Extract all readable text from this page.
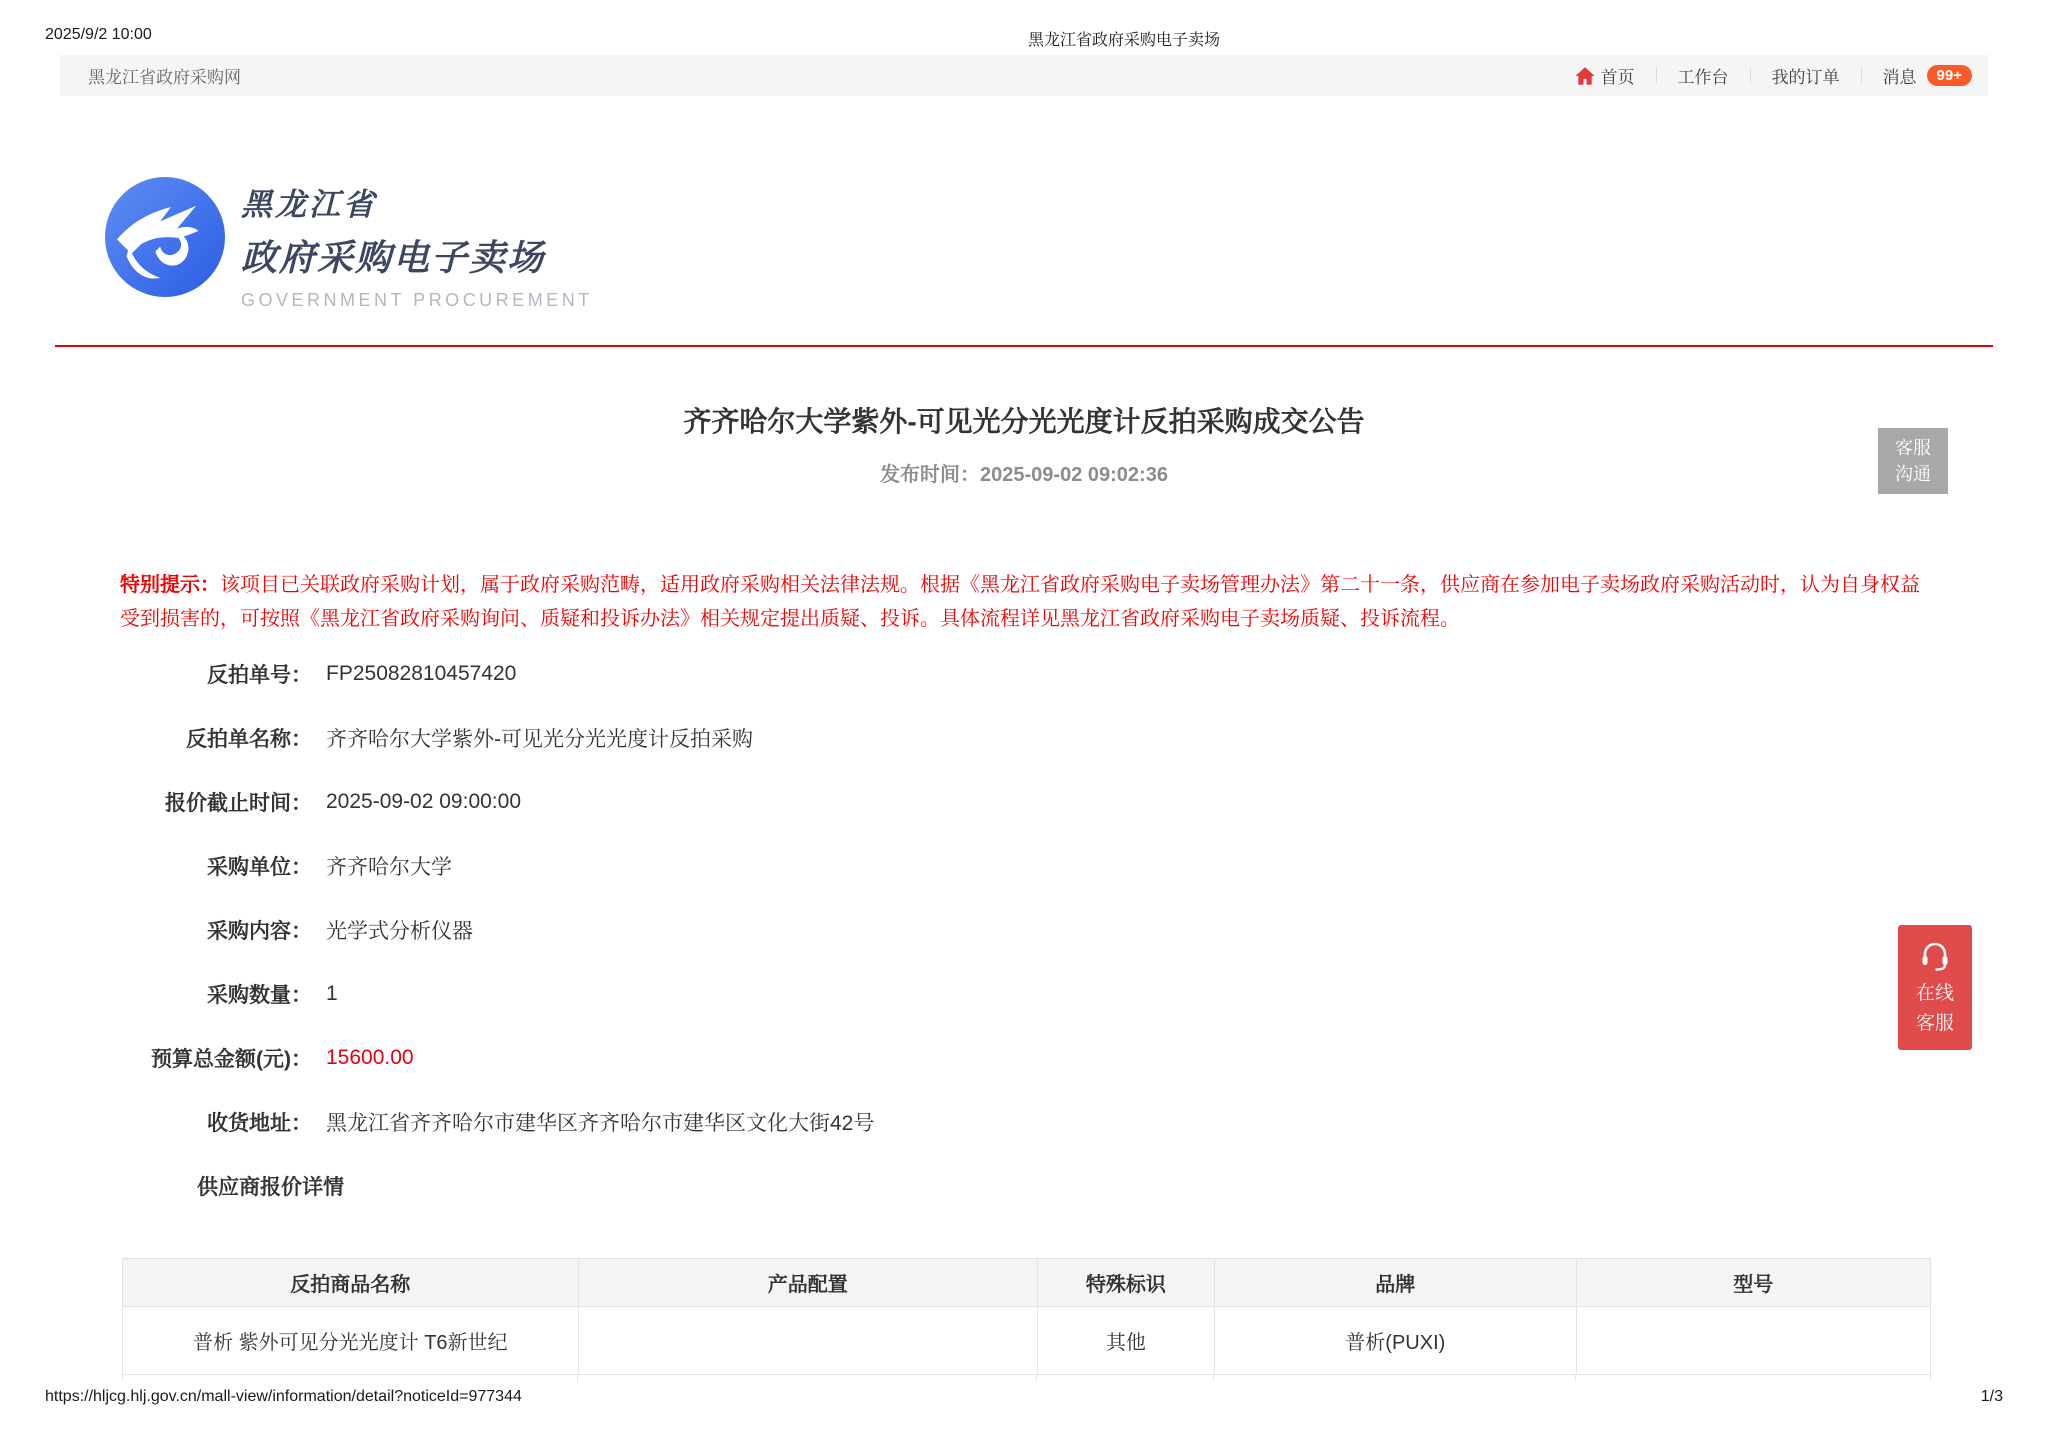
2025/9/2 10:00	黑龙江省政府采购电子卖场
黑龙江省政府采购网	首页	工作台	我的订单	消息	99+
黑龙江省
政府采购电子卖场
GOVERNMENT PROCUREMENT
齐齐哈尔大学紫外-可见光分光光度计反拍采购成交公告
发布时间：2025-09-02 09:02:36
客服
沟通

特别提示：该项目已关联政府采购计划，属于政府采购范畴，适用政府采购相关法律法规。根据《黑龙江省政府采购电子卖场管理办法》第二十一条，供应商在参加电子卖场政府采购活动时，认为自身权益受到损害的，可按照《黑龙江省政府采购询问、质疑和投诉办法》相关规定提出质疑、投诉。具体流程详见黑龙江省政府采购电子卖场质疑、投诉流程。

反拍单号： FP25082810457420
反拍单名称： 齐齐哈尔大学紫外-可见光分光光度计反拍采购
报价截止时间： 2025-09-02 09:00:00
采购单位： 齐齐哈尔大学
采购内容： 光学式分析仪器
采购数量： 1
预算总金额(元)： 15600.00
收货地址： 黑龙江省齐齐哈尔市建华区齐齐哈尔市建华区文化大街42号
供应商报价详情
反拍商品名称	产品配置	特殊标识	品牌	型号
普析 紫外可见分光光度计 T6新世纪		其他	普析(PUXI)	
在线
客服
https://hljcg.hlj.gov.cn/mall-view/information/detail?noticeId=977344	1/3
